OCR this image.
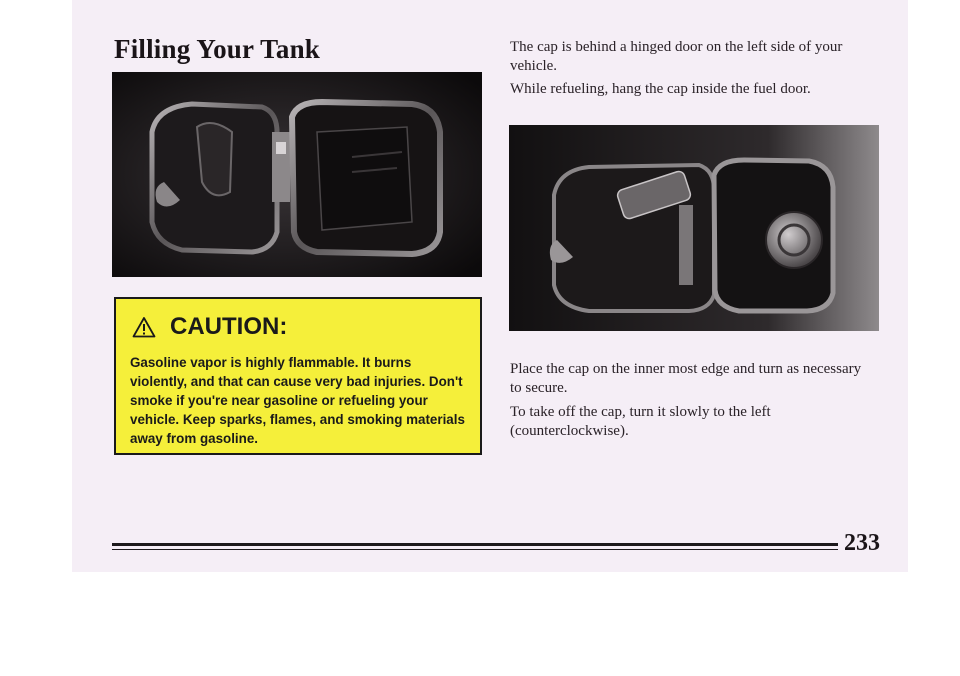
Filling Your Tank
CAUTION:

Gasoline vapor is highly flammable. It burns violently, and that can cause very bad injuries. Don't smoke if you're near gasoline or refueling your vehicle. Keep sparks, flames, and smoking materials away from gasoline.

The cap is behind a hinged door on the left side of your vehicle.

While refueling, hang the cap inside the fuel door.

Place the cap on the inner most edge and turn as necessary to secure.

To take off the cap, turn it slowly to the left (counterclockwise).

233
